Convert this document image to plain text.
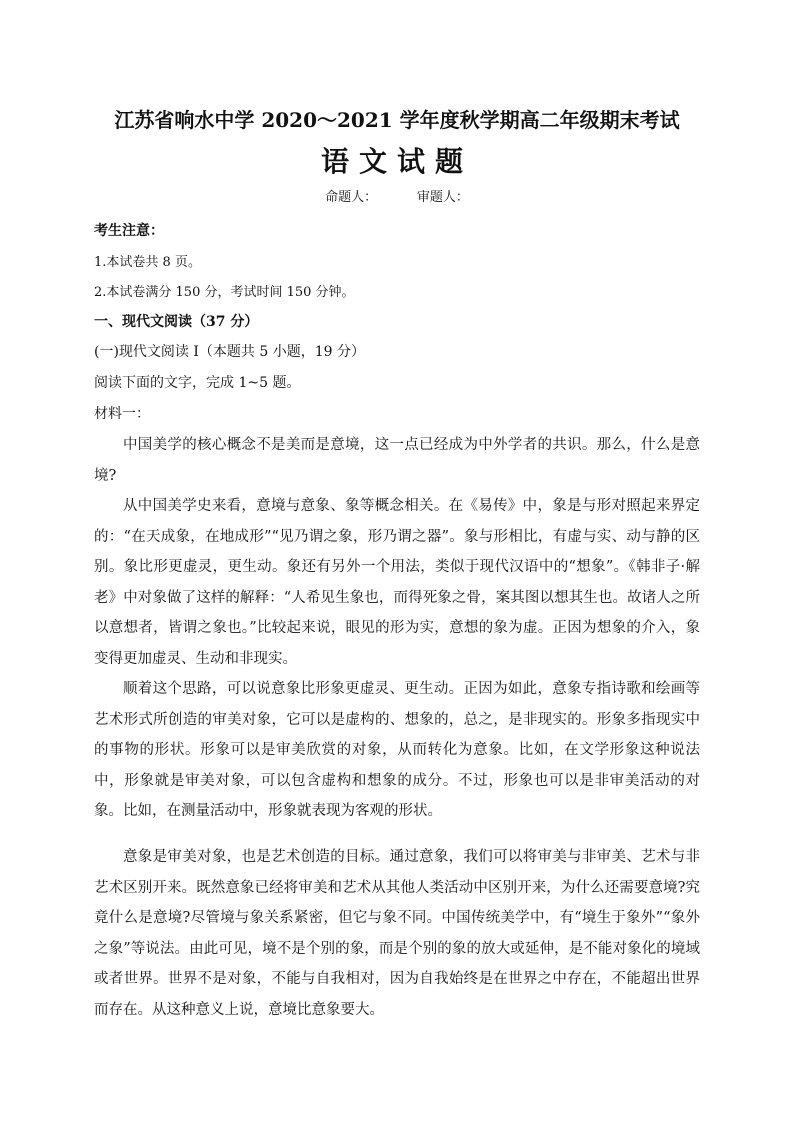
江苏省响水中学 2020～2021 学年度秋学期高二年级期末考试
语文试题
命题人：	审题人：
考生注意：
1.本试卷共 8 页。
2.本试卷满分 150 分，考试时间 150 分钟。
一、现代文阅读（37 分）
(一)现代文阅读 I（本题共 5 小题，19 分）
阅读下面的文字，完成 1~5 题。
材料一：
中国美学的核心概念不是美而是意境，这一点已经成为中外学者的共识。那么，什么是意境?
从中国美学史来看，意境与意象、象等概念相关。在《易传》中，象是与形对照起来界定的：“在天成象，在地成形”“见乃谓之象，形乃谓之器”。象与形相比，有虚与实、动与静的区别。象比形更虚灵，更生动。象还有另外一个用法，类似于现代汉语中的“想象”。《韩非子·解老》中对象做了这样的解释：“人希见生象也，而得死象之骨，案其图以想其生也。故诸人之所以意想者，皆谓之象也。”比较起来说，眼见的形为实，意想的象为虚。正因为想象的介入，象变得更加虚灵、生动和非现实。
顺着这个思路，可以说意象比形象更虚灵、更生动。正因为如此，意象专指诗歌和绘画等艺术形式所创造的审美对象，它可以是虚构的、想象的，总之，是非现实的。形象多指现实中的事物的形状。形象可以是审美欣赏的对象，从而转化为意象。比如，在文学形象这种说法中，形象就是审美对象，可以包含虚构和想象的成分。不过，形象也可以是非审美活动的对象。比如，在测量活动中，形象就表现为客观的形状。
意象是审美对象，也是艺术创造的目标。通过意象，我们可以将审美与非审美、艺术与非艺术区别开来。既然意象已经将审美和艺术从其他人类活动中区别开来，为什么还需要意境?究竟什么是意境?尽管境与象关系紧密，但它与象不同。中国传统美学中，有“境生于象外”“象外之象”等说法。由此可见，境不是个别的象，而是个别的象的放大或延伸，是不能对象化的境域或者世界。世界不是对象，不能与自我相对，因为自我始终是在世界之中存在，不能超出世界而存在。从这种意义上说，意境比意象要大。
